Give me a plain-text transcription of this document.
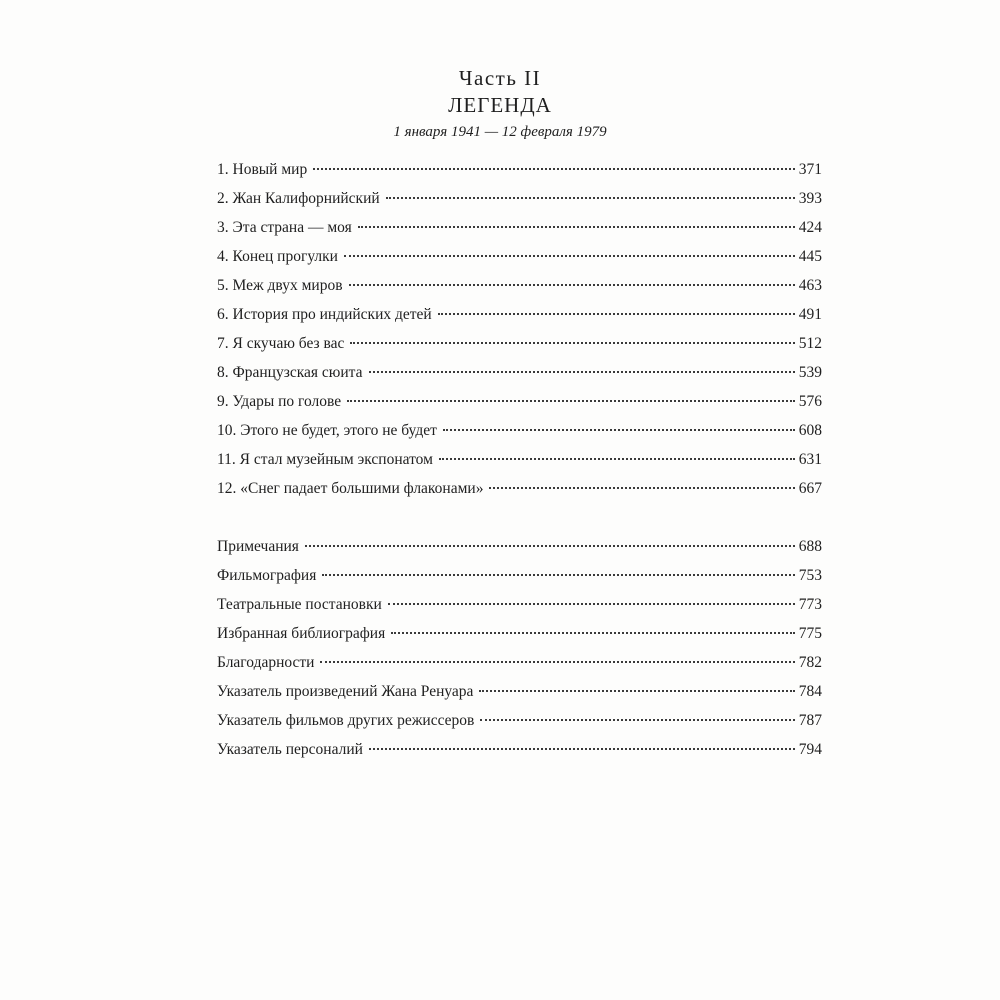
Часть II
ЛЕГЕНДА
1 января 1941 — 12 февраля 1979
1. Новый мир	371
2. Жан Калифорнийский	393
3. Эта страна — моя	424
4. Конец прогулки	445
5. Меж двух миров	463
6. История про индийских детей	491
7. Я скучаю без вас	512
8. Французская сюита	539
9. Удары по голове	576
10. Этого не будет, этого не будет	608
11. Я стал музейным экспонатом	631
12. «Снег падает большими флаконами»	667
Примечания	688
Фильмография	753
Театральные постановки	773
Избранная библиография	775
Благодарности	782
Указатель произведений Жана Ренуара	784
Указатель фильмов других режиссеров	787
Указатель персоналий	794
